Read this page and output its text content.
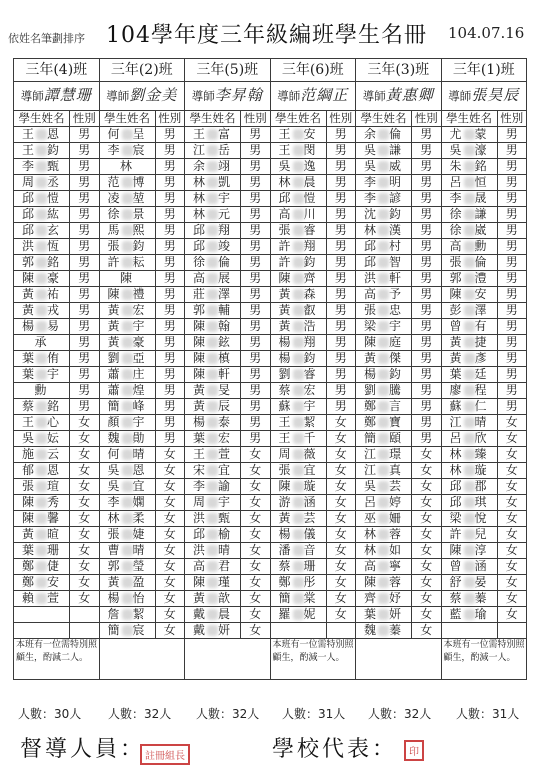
依姓名筆劃排序 104學年度三年級編班學生名冊 104.07.16
三年(4)班		三年(2)班		三年(5)班		三年(6)班		三年(3)班		三年(1)班	
導師譚慧珊		導師劉金美		導師李昇翰		導師范綱正		導師黃惠卿		導師張昊辰	
學生姓名	性別	學生姓名	性別	學生姓名	性別	學生姓名	性別	學生姓名	性別	學生姓名	性別
王 恩	男	何 呈	男	王 富	男	王 安	男	余 倫	男	尤 蒙	男
王 鈞	男	李 宸	男	江 岳	男	王 閔	男	吳 謙	男	吳 濠	男
李 甄	男	林	男	余 翊	男	吳 逸	男	吳 威	男	朱 銘	男
周 丞	男	范 博	男	林 凱	男	林 晨	男	李 明	男	呂 恒	男
邱 愷	男	凌 堃	男	林 宇	男	邱 愷	男	李 諺	男	李 晟	男
邱 紘	男	徐 景	男	林 元	男	高 川	男	沈 鈞	男	徐 謙	男
邱 玄	男	馬 熙	男	邱 翔	男	張 睿	男	林 漢	男	徐 崴	男
洪 恆	男	張 鈞	男	邱 竣	男	許 翔	男	邱 村	男	高 勳	男
郭 銘	男	許 耘	男	徐 倫	男	許 鈞	男	邱 智	男	張 倫	男
陳 豪	男	陳	男	高 展	男	陳 齊	男	洪 軒	男	郭 澧	男
黃 祐	男	陳 禮	男	莊 澤	男	黃 森	男	高 予	男	陳 安	男
黃 戎	男	黃 宏	男	郭 輔	男	黃 叡	男	張 忠	男	彭 澤	男
楊 易	男	黃 宇	男	陳 翰	男	黃 浩	男	梁 宇	男	曾 有	男
承	男	黃 豪	男	陳 鉉	男	楊 翔	男	陳 庭	男	黃 捷	男
葉 侑	男	劉 亞	男	陳 槙	男	楊 鈞	男	黃 傑	男	黃 彥	男
葉 宇	男	蕭 庄	男	陳 軒	男	劉 睿	男	楊 鈞	男	葉 廷	男
勳	男	蕭 煌	男	黃 旻	男	蔡 宏	男	劉 騰	男	廖 程	男
蔡 銘	男	簡 峰	男	黃 辰	男	蘇 宇	男	鄭 言	男	蘇 仁	男
王 心	女	顏 宇	男	楊 泰	男	王 絜	女	鄭 寶	男	江 晴	女
吳 妘	女	魏 勛	男	葉 宏	男	王 千	女	簡 頤	男	呂 欣	女
施 云	女	何 晴	女	王 萱	女	周 薇	女	江 璟	女	林 臻	女
郁 恩	女	吳 恩	女	宋 宜	女	張 宜	女	江 真	女	林 璇	女
張 瑄	女	吳 宜	女	李 諭	女	陳 璇	女	吳 芸	女	邱 郡	女
陳 秀	女	李 嫻	女	周 宇	女	游 涵	女	呂 婷	女	邱 琪	女
陳 馨	女	林 柔	女	洪 甄	女	黃 芸	女	巫 姍	女	梁 悅	女
黃 暄	女	張 婕	女	邱 榆	女	楊 儀	女	林 蓉	女	許 兒	女
葉 珊	女	曹 晴	女	洪 晴	女	潘 音	女	林 如	女	陳 淳	女
鄭 倢	女	郭 瑩	女	高 君	女	蔡 珊	女	高 寧	女	曾 涵	女
鄭 安	女	黃 盈	女	陳 瑾	女	鄭 彤	女	陳 蓉	女	舒 晏	女
賴 萱	女	楊 怡	女	黃 歆	女	簡 棠	女	齊 妤	女	蔡 蓁	女
		詹 絜	女	戴 晨	女	羅 妮	女	葉 妍	女	藍 瑜	女
		簡 宸	女	戴 妍	女			魏 蓁	女		
本班有一位需特別照顧生，酌減二人。						本班有一位需特別照顧生，酌減一人。				本班有一位需特別照顧生，酌減一人。	
人數：30人 人數：32人 人數：32人 人數：31人 人數：32人 人數：31人
督導人員： 註冊組長	學校代表：	印
